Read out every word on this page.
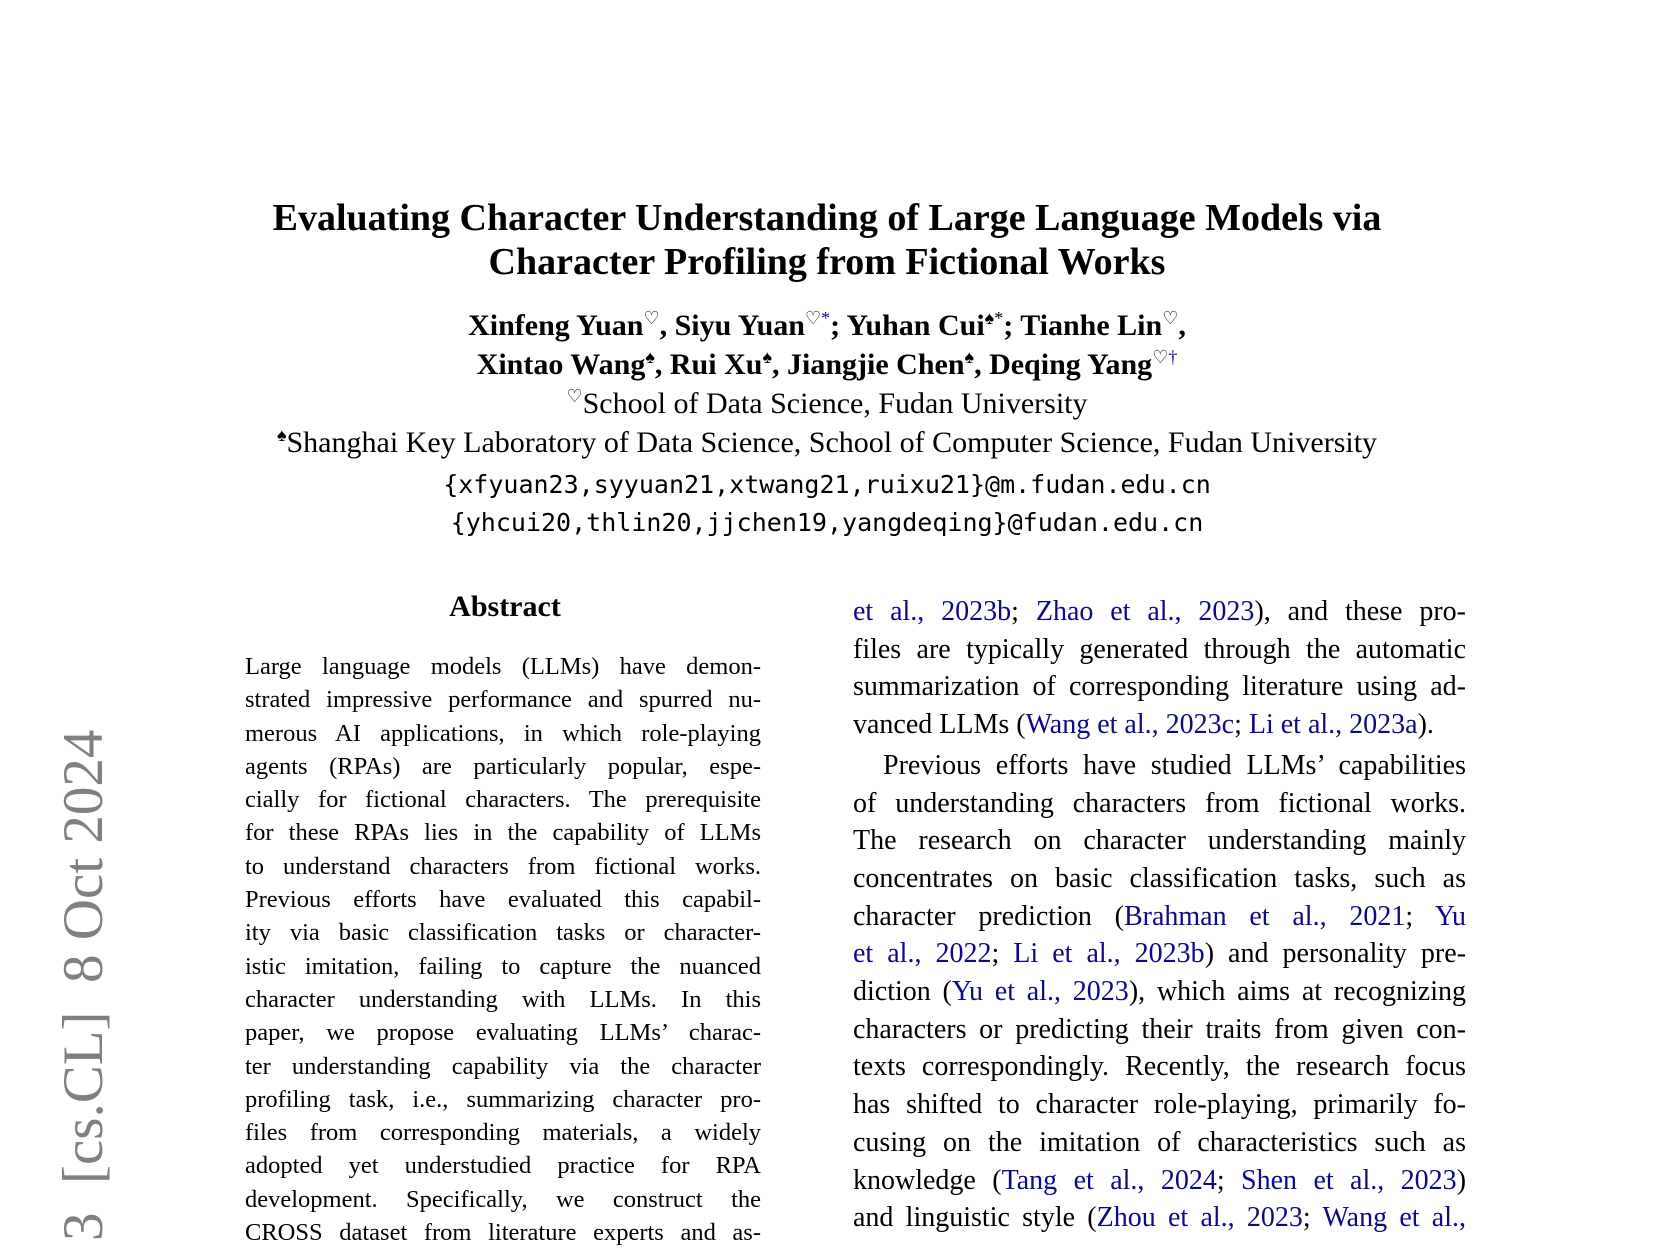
3  [cs.CL]  8 Oct 2024
Evaluating Character Understanding of Large Language Models via
Character Profiling from Fictional Works
Xinfeng Yuan♡, Siyu Yuan♡*; Yuhan Cui♠*; Tianhe Lin♡,
Xintao Wang♠, Rui Xu♠, Jiangjie Chen♠, Deqing Yang♡†
♡School of Data Science, Fudan University
♠Shanghai Key Laboratory of Data Science, School of Computer Science, Fudan University
{xfyuan23,syyuan21,xtwang21,ruixu21}@m.fudan.edu.cn
{yhcui20,thlin20,jjchen19,yangdeqing}@fudan.edu.cn
Abstract
Large language models (LLMs) have demon-
strated impressive performance and spurred nu-
merous AI applications, in which role-playing
agents (RPAs) are particularly popular, espe-
cially for fictional characters. The prerequisite
for these RPAs lies in the capability of LLMs
to understand characters from fictional works.
Previous efforts have evaluated this capabil-
ity via basic classification tasks or character-
istic imitation, failing to capture the nuanced
character understanding with LLMs. In this
paper, we propose evaluating LLMs’ charac-
ter understanding capability via the character
profiling task, i.e., summarizing character pro-
files from corresponding materials, a widely
adopted yet understudied practice for RPA
development. Specifically, we construct the
CROSS dataset from literature experts and as-
et al., 2023b; Zhao et al., 2023), and these pro-
files are typically generated through the automatic
summarization of corresponding literature using ad-
vanced LLMs (Wang et al., 2023c; Li et al., 2023a).
Previous efforts have studied LLMs’ capabilities
of understanding characters from fictional works.
The research on character understanding mainly
concentrates on basic classification tasks, such as
character prediction (Brahman et al., 2021; Yu
et al., 2022; Li et al., 2023b) and personality pre-
diction (Yu et al., 2023), which aims at recognizing
characters or predicting their traits from given con-
texts correspondingly. Recently, the research focus
has shifted to character role-playing, primarily fo-
cusing on the imitation of characteristics such as
knowledge (Tang et al., 2024; Shen et al., 2023)
and linguistic style (Zhou et al., 2023; Wang et al.,
